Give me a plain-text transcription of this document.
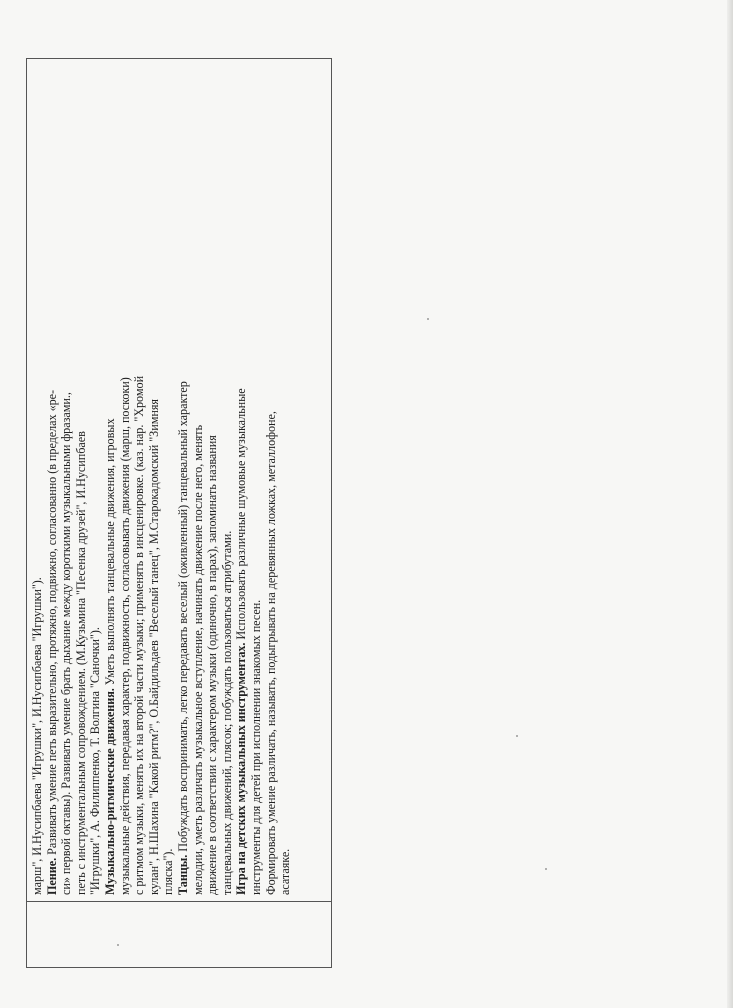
марш", И.Нусипбаева "Игрушки", И.Нусипбаева "Игрушки"). Пение. Развивать умение петь выразительно, протяжно, подвижно, согласованно (в пределах «ре- си» первой октавы). Развивать умение брать дыхание между короткими музыкальными фразами., петь с инструментальным сопровождением. (М.Кузьмина "Песенка друзей", И.Нусипбаев "Игрушки", А. Филиппенко, Т. Волгина "Саночки"). Музыкально-ритмические движения. Уметь выполнять танцевальные движения, игровых музыкальные действия, передавая характер, подвижность, согласовывать движения (марш, поскоки) с ритмом музыки, менять их на второй части музыки; применять в инсценировке. (каз. нар. "Хромой кулан", Н.Шахина "Какой ритм?", О.Байдильдаев "Веселый танец", М.Старокадомский "Зимняя пляска"). Танцы. Побуждать воспринимать, легко передавать веселый (оживленный) танцевальный характер мелодии, уметь различать музыкальное вступление, начинать движение после него, менять движение в соответствии с характером музыки (одиночно, в парах), запоминать названия танцевальных движений, плясок; побуждать пользоваться атрибутами. Игра на детских музыкальных инструментах. Использовать различные шумовые музыкальные

инструменты для детей при исполнении знакомых песен. Формировать умение различать, называть, подыгрывать на деревянных ложках, металлофоне, асатаяке.
